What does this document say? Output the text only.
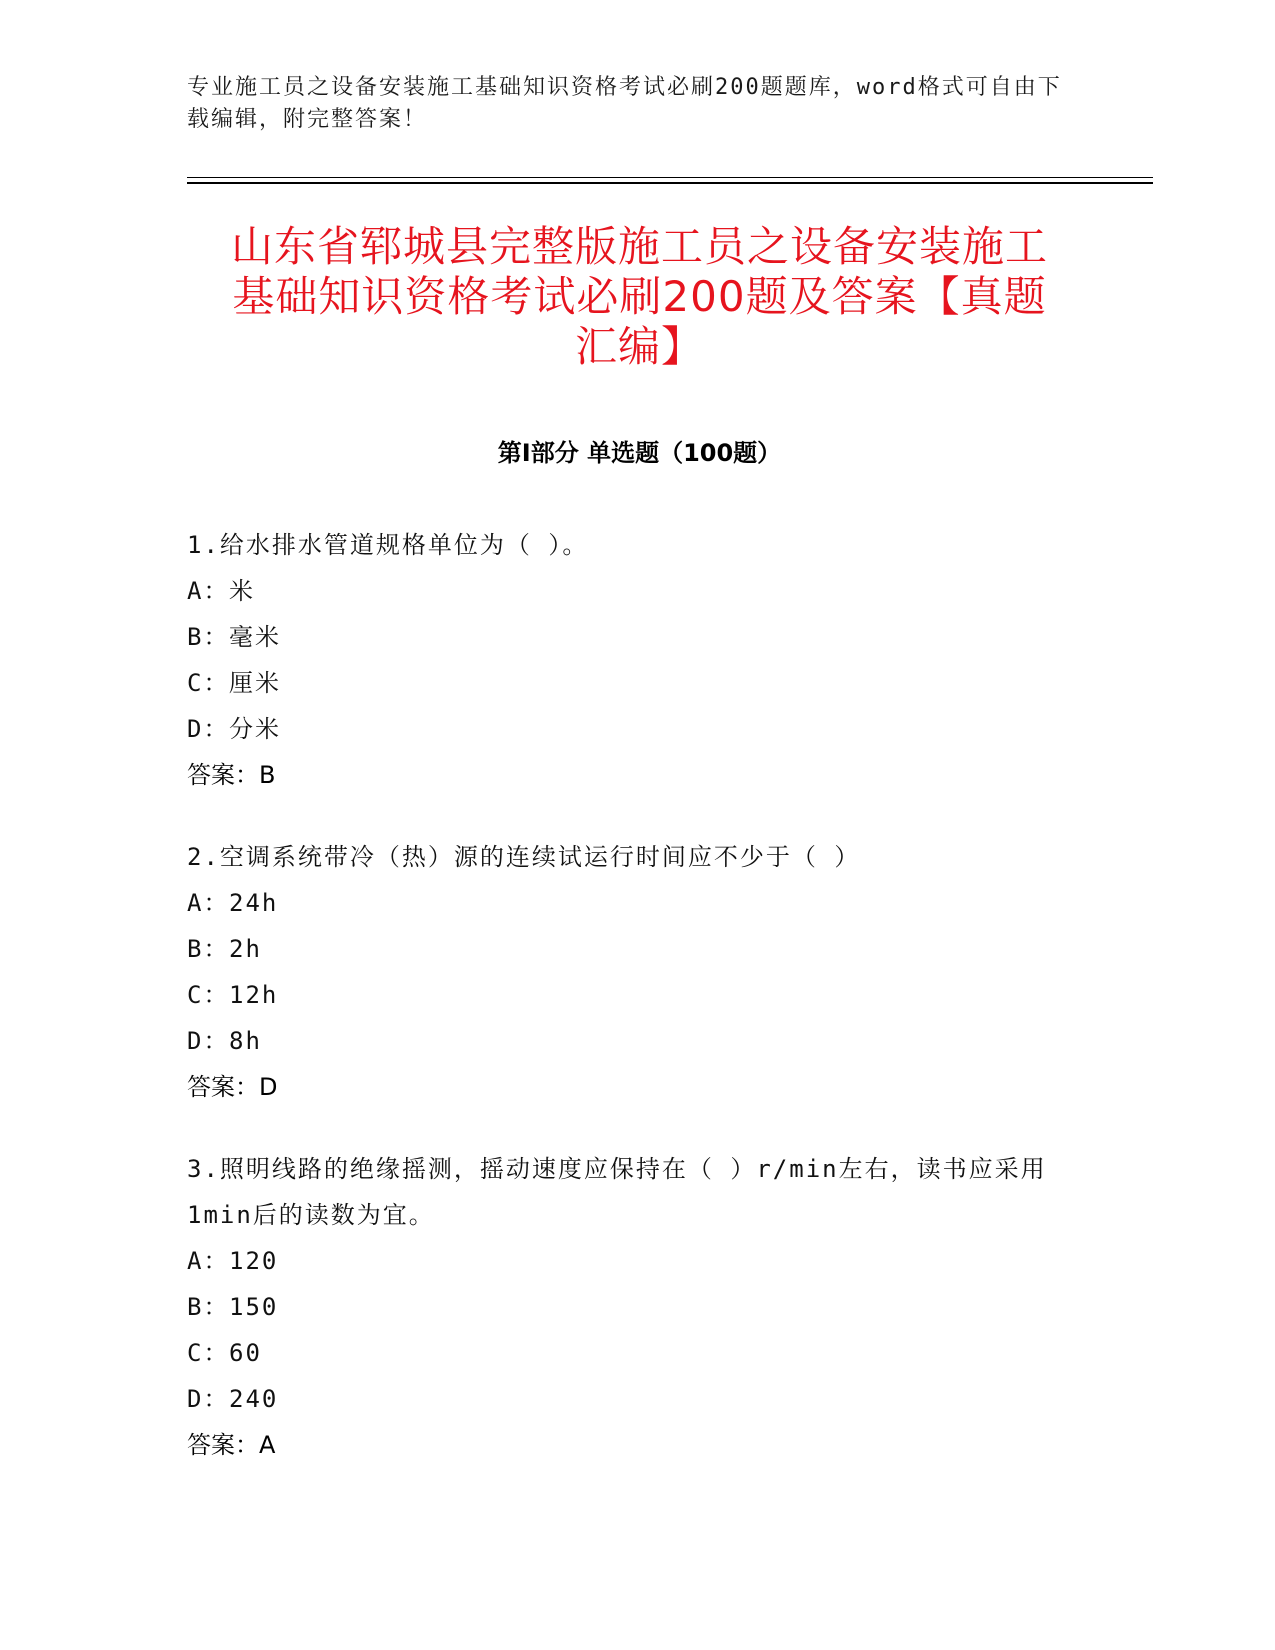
专业施工员之设备安装施工基础知识资格考试必刷200题题库，word格式可自由下载编辑，附完整答案！
山东省郓城县完整版施工员之设备安装施工
基础知识资格考试必刷200题及答案【真题
汇编】
第Ⅰ部分 单选题（100题）
1.给水排水管道规格单位为（ ）。
A：米
B：毫米
C：厘米
D：分米
答案：B
2.空调系统带冷（热）源的连续试运行时间应不少于（ ）
A：24h
B：2h
C：12h
D：8h
答案：D
3.照明线路的绝缘摇测，摇动速度应保持在（ ）r/min左右，读书应采用1min后的读数为宜。
A：120
B：150
C：60
D：240
答案：A
